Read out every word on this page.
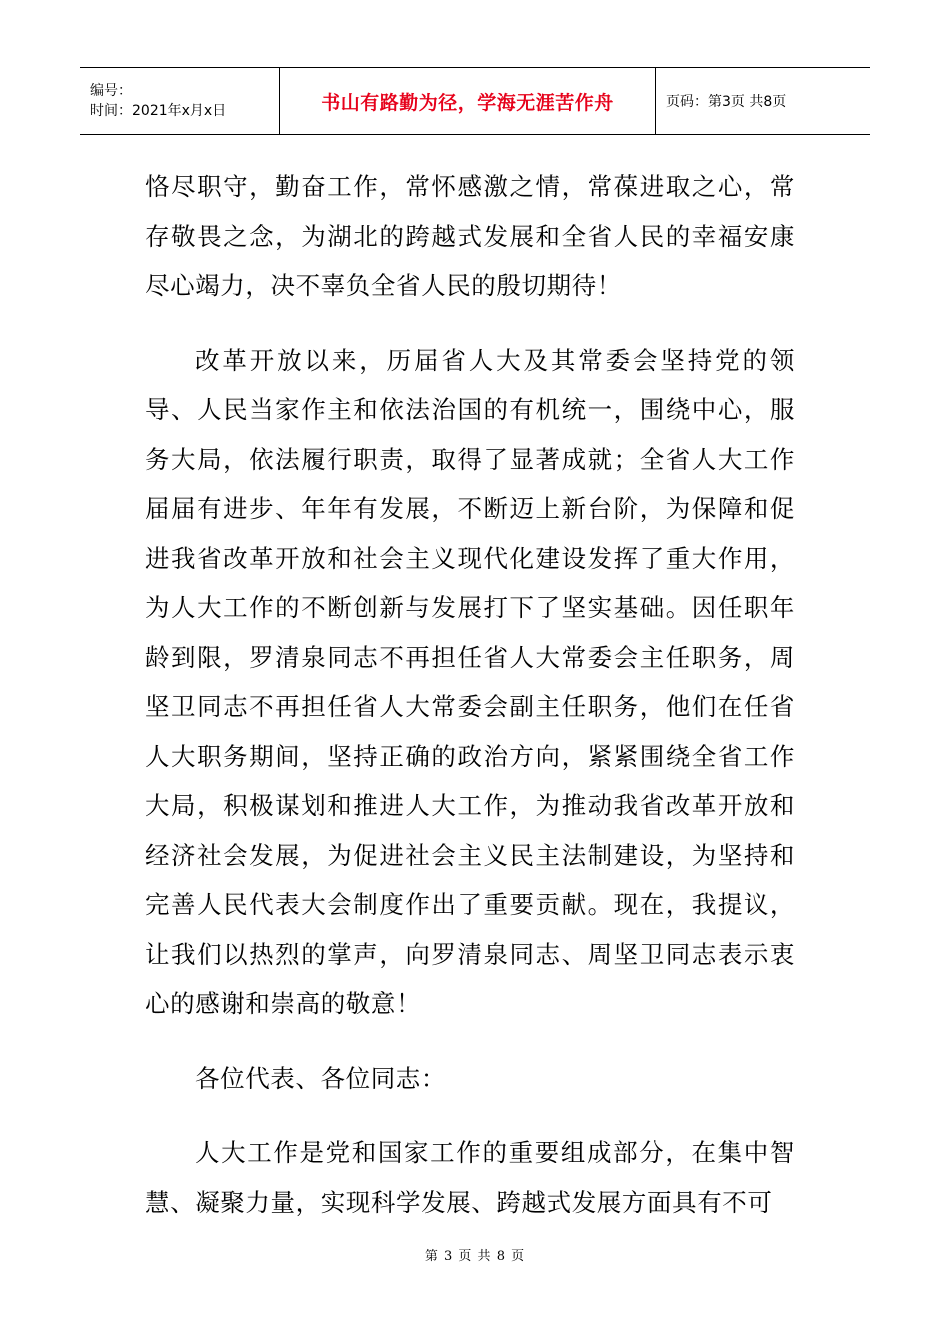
编号：
时间：2021年x月x日	书山有路勤为径，学海无涯苦作舟	页码：第3页 共8页

恪尽职守，勤奋工作，常怀感激之情，常葆进取之心，常存敬畏之念，为湖北的跨越式发展和全省人民的幸福安康尽心竭力，决不辜负全省人民的殷切期待！

改革开放以来，历届省人大及其常委会坚持党的领导、人民当家作主和依法治国的有机统一，围绕中心，服务大局，依法履行职责，取得了显著成就；全省人大工作届届有进步、年年有发展，不断迈上新台阶，为保障和促进我省改革开放和社会主义现代化建设发挥了重大作用，为人大工作的不断创新与发展打下了坚实基础。因任职年龄到限，罗清泉同志不再担任省人大常委会主任职务，周坚卫同志不再担任省人大常委会副主任职务，他们在任省人大职务期间，坚持正确的政治方向，紧紧围绕全省工作大局，积极谋划和推进人大工作，为推动我省改革开放和经济社会发展，为促进社会主义民主法制建设，为坚持和完善人民代表大会制度作出了重要贡献。现在，我提议，让我们以热烈的掌声，向罗清泉同志、周坚卫同志表示衷心的感谢和崇高的敬意！

各位代表、各位同志：

人大工作是党和国家工作的重要组成部分，在集中智慧、凝聚力量，实现科学发展、跨越式发展方面具有不可

第 3 页 共 8 页
